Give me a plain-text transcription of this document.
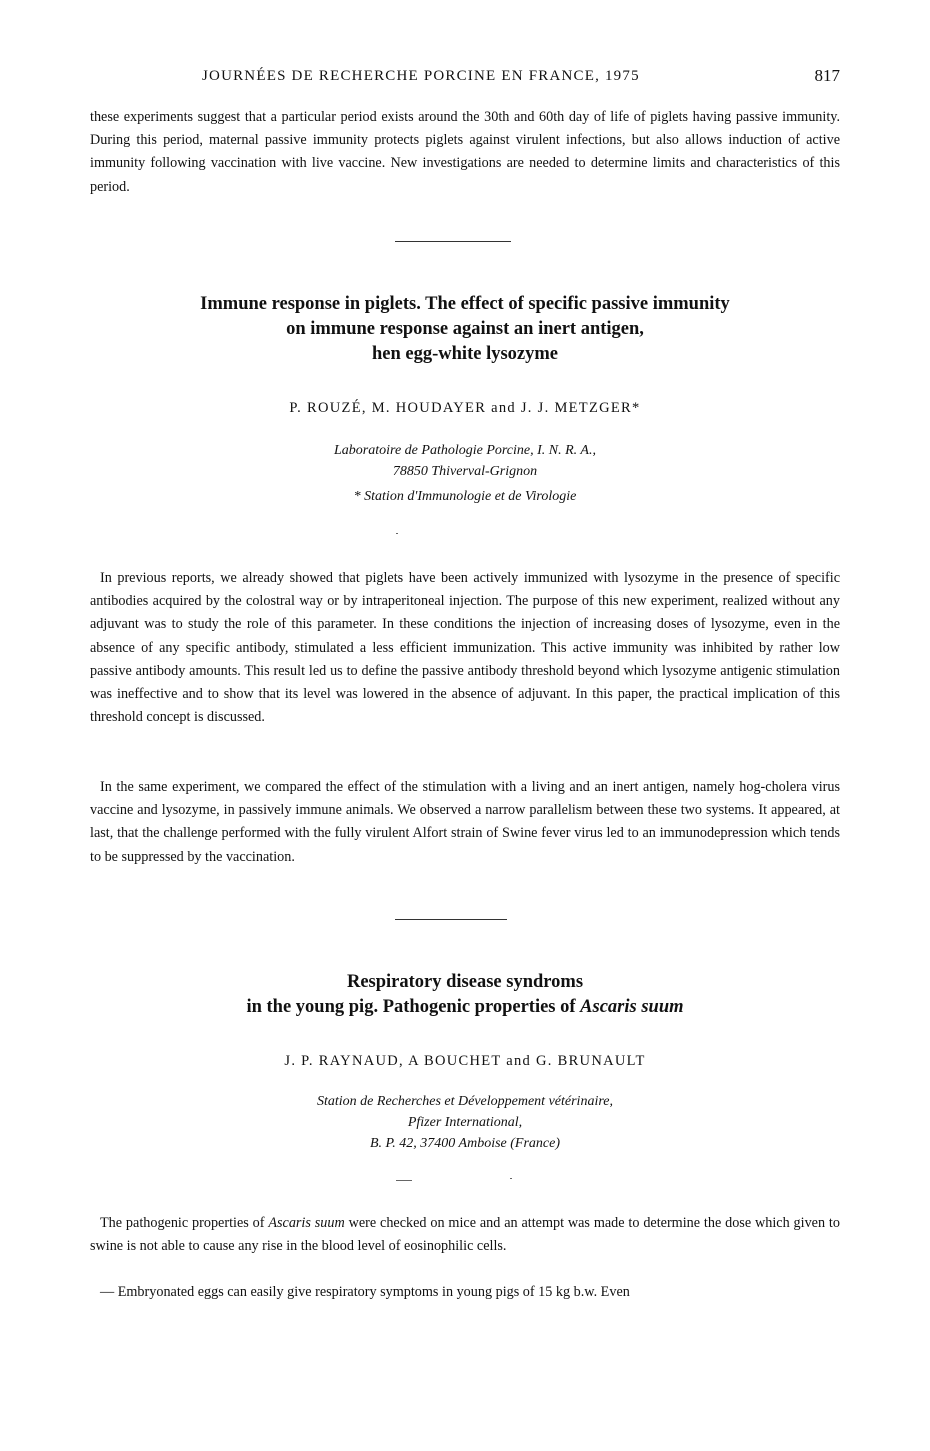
JOURNÉES DE RECHERCHE PORCINE EN FRANCE, 1975	817

these experiments suggest that a particular period exists around the 30th and 60th day of life of piglets having passive immunity. During this period, maternal passive immunity protects piglets against virulent infections, but also allows induction of active immunity following vaccination with live vaccine. New investigations are needed to determine limits and characteristics of this period.

Immune response in piglets. The effect of specific passive immunity
on immune response against an inert antigen,
hen egg-white lysozyme
P. ROUZÉ, M. HOUDAYER and J. J. METZGER*
Laboratoire de Pathologie Porcine, I. N. R. A.,
78850 Thiverval-Grignon
* Station d'Immunologie et de Virologie

In previous reports, we already showed that piglets have been actively immunized with lysozyme in the presence of specific antibodies acquired by the colostral way or by intraperitoneal injection. The purpose of this new experiment, realized without any adjuvant was to study the role of this parameter. In these conditions the injection of increasing doses of lysozyme, even in the absence of any specific antibody, stimulated a less efficient immunization. This active immunity was inhibited by rather low passive antibody amounts. This result led us to define the passive antibody threshold beyond which lysozyme antigenic stimulation was ineffective and to show that its level was lowered in the absence of adjuvant. In this paper, the practical implication of this threshold concept is discussed.

In the same experiment, we compared the effect of the stimulation with a living and an inert antigen, namely hog-cholera virus vaccine and lysozyme, in passively immune animals. We observed a narrow parallelism between these two systems. It appeared, at last, that the challenge performed with the fully virulent Alfort strain of Swine fever virus led to an immunodepression which tends to be suppressed by the vaccination.

Respiratory disease syndroms
in the young pig. Pathogenic properties of Ascaris suum
J. P. RAYNAUD, A BOUCHET and G. BRUNAULT
Station de Recherches et Développement vétérinaire,
Pfizer International,
B. P. 42, 37400 Amboise (France)

The pathogenic properties of Ascaris suum were checked on mice and an attempt was made to determine the dose which given to swine is not able to cause any rise in the blood level of eosinophilic cells.

— Embryonated eggs can easily give respiratory symptoms in young pigs of 15 kg b.w. Even
